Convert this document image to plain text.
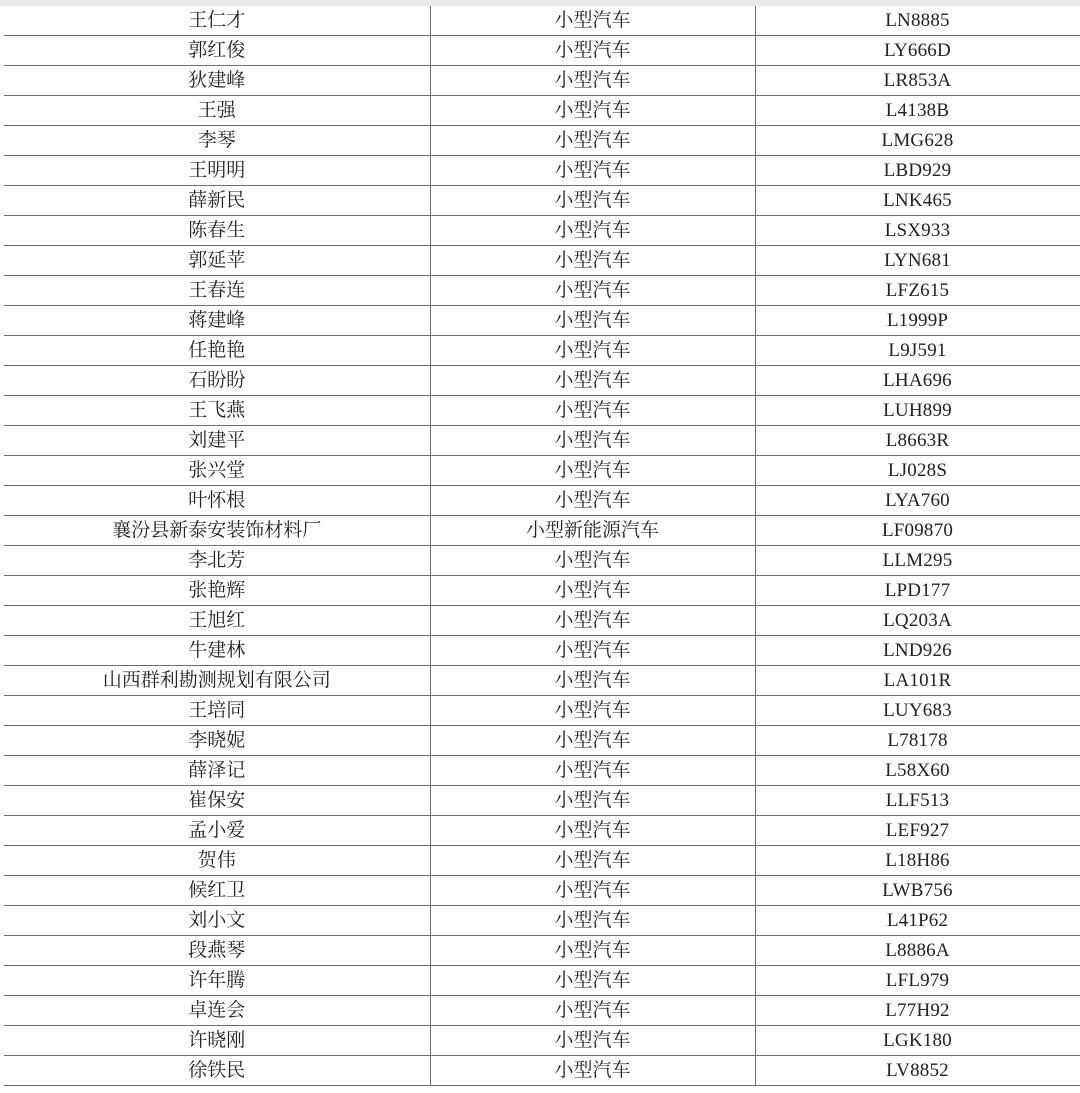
王仁才	小型汽车	LN8885
郭红俊	小型汽车	LY666D
狄建峰	小型汽车	LR853A
王强	小型汽车	L4138B
李琴	小型汽车	LMG628
王明明	小型汽车	LBD929
薛新民	小型汽车	LNK465
陈春生	小型汽车	LSX933
郭延苹	小型汽车	LYN681
王春连	小型汽车	LFZ615
蒋建峰	小型汽车	L1999P
任艳艳	小型汽车	L9J591
石盼盼	小型汽车	LHA696
王飞燕	小型汽车	LUH899
刘建平	小型汽车	L8663R
张兴堂	小型汽车	LJ028S
叶怀根	小型汽车	LYA760
襄汾县新泰安装饰材料厂	小型新能源汽车	LF09870
李北芳	小型汽车	LLM295
张艳辉	小型汽车	LPD177
王旭红	小型汽车	LQ203A
牛建林	小型汽车	LND926
山西群利勘测规划有限公司	小型汽车	LA101R
王培同	小型汽车	LUY683
李晓妮	小型汽车	L78178
薛泽记	小型汽车	L58X60
崔保安	小型汽车	LLF513
孟小爱	小型汽车	LEF927
贺伟	小型汽车	L18H86
候红卫	小型汽车	LWB756
刘小文	小型汽车	L41P62
段燕琴	小型汽车	L8886A
许年腾	小型汽车	LFL979
卓连会	小型汽车	L77H92
许晓刚	小型汽车	LGK180
徐铁民	小型汽车	LV8852
